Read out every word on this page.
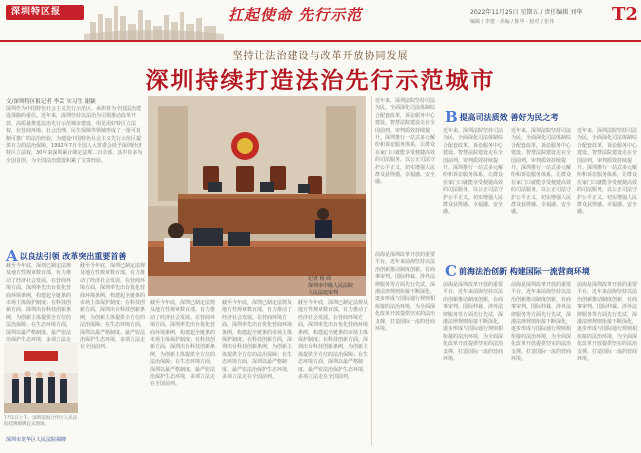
深圳特区报	扛起使命 先行示范	2022年11月25日 星期五 / 责任编辑 刘华
编辑 / 李建 · 美编 / 陈华 · 校对 / 张伟	T2
坚持让法治建设与改革开放协同发展
深圳持续打造法治先行示范城市
文/深圳特区报记者 李芸 实习生 谢颖
深圳作为中国特色社会主义先行示范区，承担着为全国法治建设探路的重任。近年来，深圳坚持以法治为引领推动改革开放，高质量推进法治先行示范城市建设，用足用好特区立法权，在营商环境、社会治理、民生保障等领域形成了一批可复制可推广的法治经验，为建设中国特色社会主义先行示范区提供有力的法治保障。1992年7月全国人大常委会授予深圳经济特区立法权，30年来深圳累计制定法规二百余部，其中许多为全国首创，为全国法治建设积累了宝贵经验。
记者 杨 周
深圳市中级人民法院
人民法庭审判
A以良法引领 改革突出重要首善
截至今年底，深圳已制定法规及地方性规章数百部，有力推动了经济社会发展。在营商环境方面，深圳率先出台优化营商环境条例，构建起全链条的市场主体保护制度；在科技创新方面，深圳出台科技创新条例，为创新主体提供全方位的法治保障；在生态环境方面，深圳以最严格制度、最严密法治保护生态环境，多项立法走
截至今年底，深圳已制定法规及地方性规章数百部，有力推动了经济社会发展。在营商环境方面，深圳率先出台优化营商环境条例，构建起全链条的市场主体保护制度；在科技创新方面，深圳出台科技创新条例，为创新主体提供全方位的法治保障；在生态环境方面，深圳以最严格制度、最严密法治保护生态环境，多项立法走在全国前列。
截至今年底，深圳已制定法规及地方性规章数百部，有力推动了经济社会发展。在营商环境方面，深圳率先出台优化营商环境条例，构建起全链条的市场主体保护制度；在科技创新方面，深圳出台科技创新条例，为创新主体提供全方位的法治保障；在生态环境方面，深圳以最严格制度、最严密法治保护生态环境，多项立法走在全国前列。
截至今年底，深圳已制定法规及地方性规章数百部，有力推动了经济社会发展。在营商环境方面，深圳率先出台优化营商环境条例，构建起全链条的市场主体保护制度；在科技创新方面，深圳出台科技创新条例，为创新主体提供全方位的法治保障；在生态环境方面，深圳以最严格制度、最严密法治保护生态环境，多项立法走在全国前列。
截至今年底，深圳已制定法规及地方性规章数百部，有力推动了经济社会发展。在营商环境方面，深圳率先出台优化营商环境条例，构建起全链条的市场主体保护制度；在科技创新方面，深圳出台科技创新条例，为创新主体提供全方位的法治保障；在生态环境方面，深圳以最严格制度、最严密法治保护生态环境，多项立法走在全国前列。
7月1日上午，深圳前海合作区人民法院挂牌揭牌仪式现场。
深圳市龙华区人民法院揭牌
近年来，深圳法院坚持司法为民，全面深化司法体制综合配套改革，诉讼服务中心建设、智慧法院建设走在全国前列，审判质效持续提升。深圳推行一站式多元解纷和诉讼服务体系，让群众在家门口就能享受便捷高效的司法服务，以公正司法守护公平正义，切实增强人民群众获得感、幸福感、安全感。
近年来，深圳法院坚持司法为民，全面深化司法体制综合配套改革，诉讼服务中心建设、智慧法院建设走在全国前列，审判质效持续提升。深圳推行一站式多元解纷和诉讼服务体系，让群众在家门口就能享受便捷高效的司法服务，以公正司法守护公平正义，切实增强人民群众获得感、幸福感、安全感。
近年来，深圳法院坚持司法为民，全面深化司法体制综合配套改革，诉讼服务中心建设、智慧法院建设走在全国前列，审判质效持续提升。深圳推行一站式多元解纷和诉讼服务体系，让群众在家门口就能享受便捷高效的司法服务，以公正司法守护公平正义，切实增强人民群众获得感、幸福感、安全感。
近年来，深圳法院坚持司法为民，全面深化司法体制综合配套改革，诉讼服务中心建设、智慧法院建设走在全国前列，审判质效持续提升。深圳推行一站式多元解纷和诉讼服务体系，让群众在家门口就能享受便捷高效的司法服务，以公正司法守护公平正义，切实增强人民群众获得感、幸福感、安全感。
B提高司法质效 善好为民之考
C前海法治创新 构建国际一流营商环境
前海是深圳改革开放的重要平台，近年来前海坚持以法治创新推动制度创新，在商事审判、国际仲裁、涉外法律服务等方面先行先试，深港法律规则衔接不断深化，逐步形成与国际通行规则相衔接的法治环境，为全面深化改革开放提供坚实的法治支撑，打造国际一流的营商环境。
前海是深圳改革开放的重要平台，近年来前海坚持以法治创新推动制度创新，在商事审判、国际仲裁、涉外法律服务等方面先行先试，深港法律规则衔接不断深化，逐步形成与国际通行规则相衔接的法治环境，为全面深化改革开放提供坚实的法治支撑，打造国际一流的营商环境。
前海是深圳改革开放的重要平台，近年来前海坚持以法治创新推动制度创新，在商事审判、国际仲裁、涉外法律服务等方面先行先试，深港法律规则衔接不断深化，逐步形成与国际通行规则相衔接的法治环境，为全面深化改革开放提供坚实的法治支撑，打造国际一流的营商环境。
前海是深圳改革开放的重要平台，近年来前海坚持以法治创新推动制度创新，在商事审判、国际仲裁、涉外法律服务等方面先行先试，深港法律规则衔接不断深化，逐步形成与国际通行规则相衔接的法治环境，为全面深化改革开放提供坚实的法治支撑，打造国际一流的营商环境。
